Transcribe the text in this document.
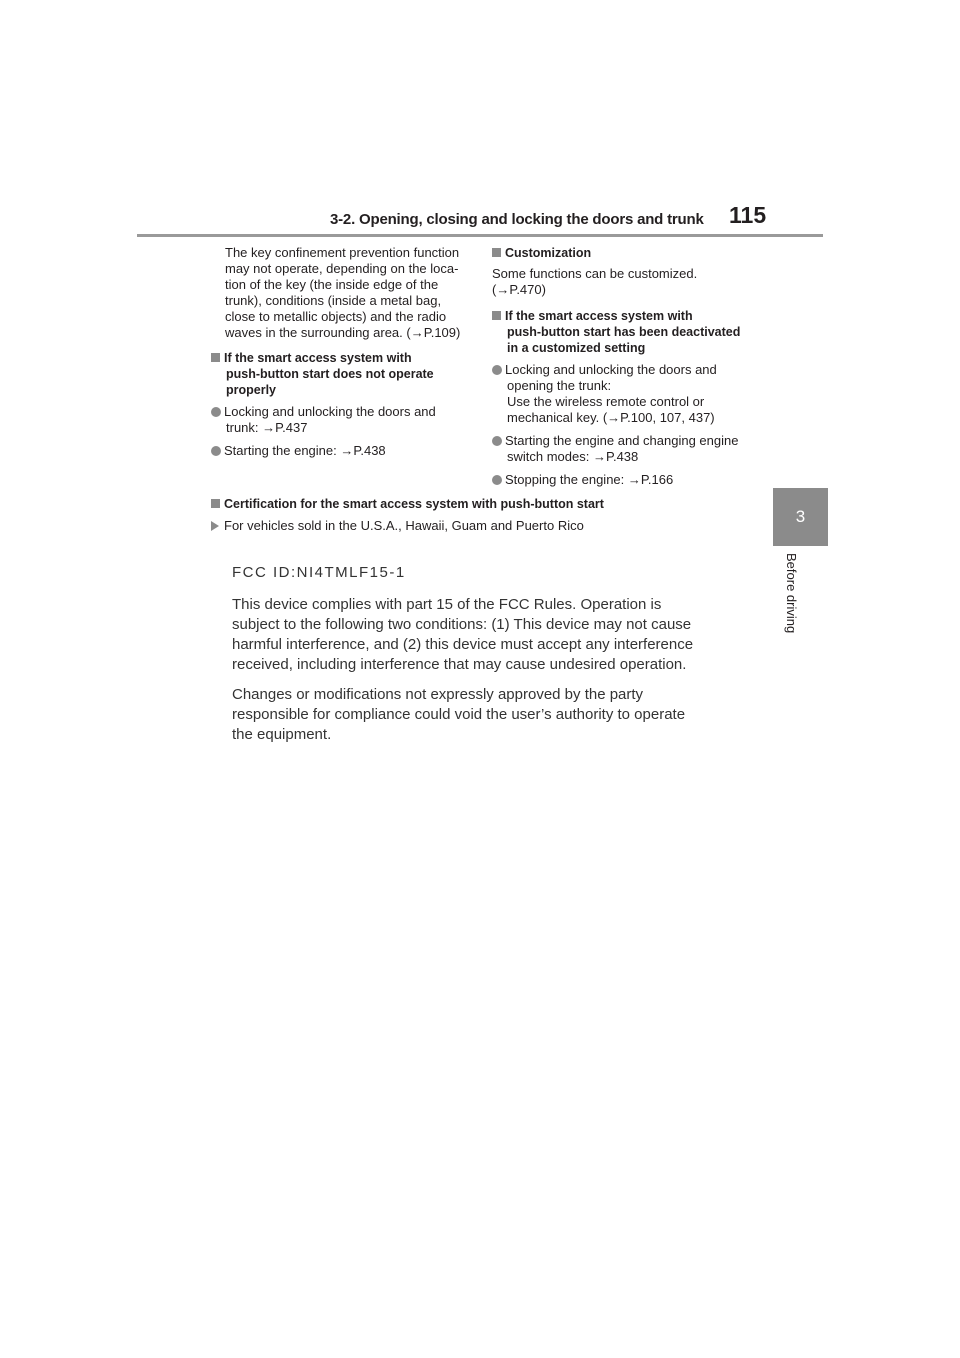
3-2. Opening, closing and locking the doors and trunk 115
3
Before driving

The key confinement prevention function
may not operate, depending on the loca-
tion of the key (the inside edge of the
trunk), conditions (inside a metal bag,
close to metallic objects) and the radio
waves in the surrounding area. (→P.109)

If the smart access system with
push-button start does not operate
properly
Locking and unlocking the doors and
trunk: →P.437
Starting the engine: →P.438
Customization
Some functions can be customized.
(→P.470)
If the smart access system with
push-button start has been deactivated
in a customized setting
Locking and unlocking the doors and
opening the trunk:
Use the wireless remote control or
mechanical key. (→P.100, 107, 437)
Starting the engine and changing engine
switch modes: →P.438
Stopping the engine: →P.166
Certification for the smart access system with push-button start
For vehicles sold in the U.S.A., Hawaii, Guam and Puerto Rico
FCC ID:NI4TMLF15-1
This device complies with part 15 of the FCC Rules. Operation is
subject to the following two conditions: (1) This device may not cause
harmful interference, and (2) this device must accept any interference
received, including interference that may cause undesired operation.
Changes or modifications not expressly approved by the party
responsible for compliance could void the user’s authority to operate
the equipment.
